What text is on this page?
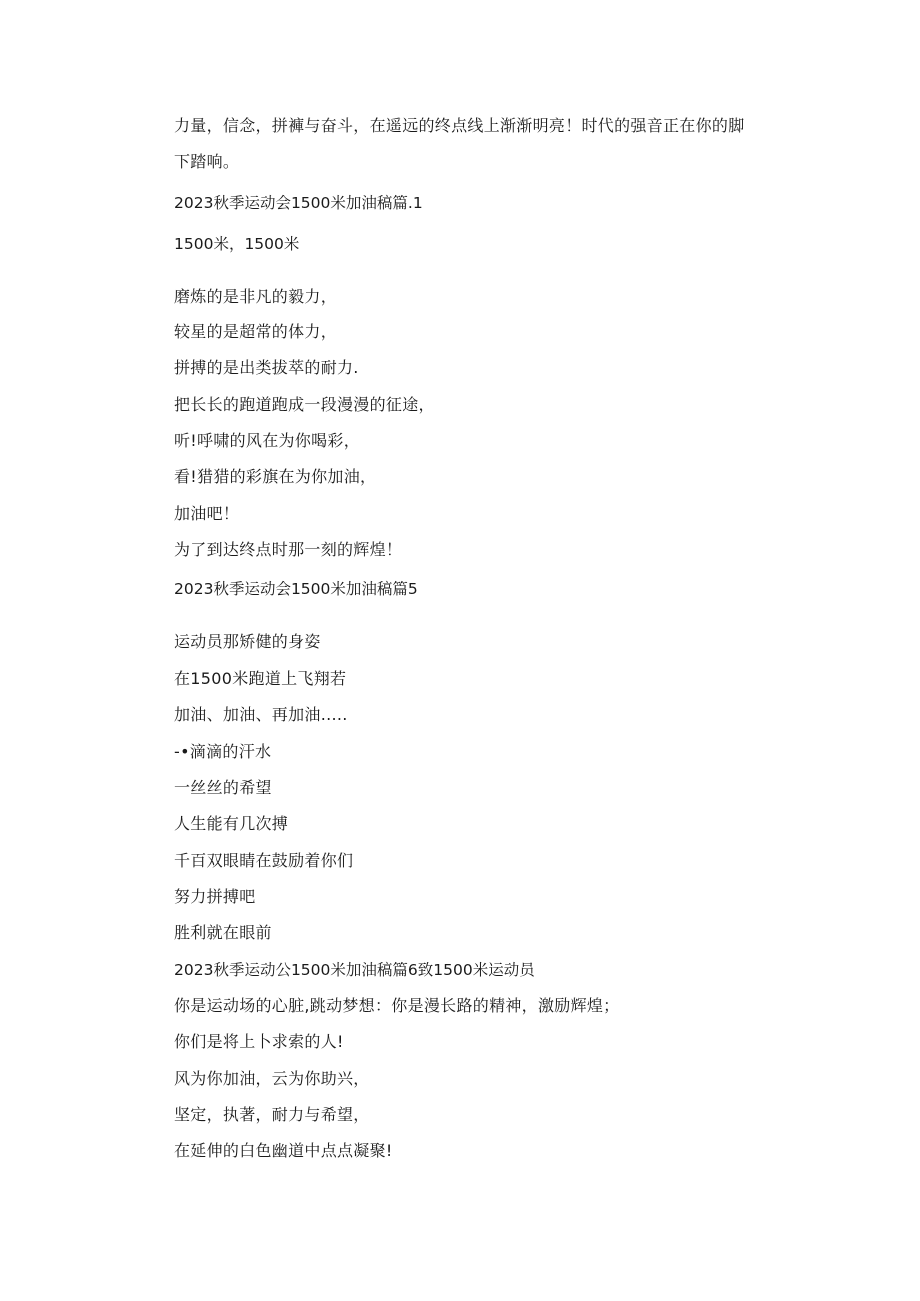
力量，信念，拼褲与奋斗，在遥远的终点线上渐渐明亮！时代的强音正在你的脚

下踏响。

2023秋季运动会1500米加油稿篇.1

1500米，1500米

磨炼的是非凡的毅力，

较星的是超常的体力，

拼搏的是出类拔萃的耐力.

把长长的跑道跑成一段漫漫的征途，

听!呼啸的风在为你喝彩，

看!猎猎的彩旗在为你加油，

加油吧！

为了到达终点时那一刻的辉煌！

2023秋季运动会1500米加油稿篇5

运动员那矫健的身姿

在1500米跑道上飞翔若

加油、加油、再加油.....

-•滴滴的汗水

一丝丝的希望

人生能有几次搏

千百双眼睛在鼓励着你们

努力拼搏吧

胜利就在眼前

2023秋季运动公1500米加油稿篇6致1500米运动员

你是运动场的心脏,跳动梦想：你是漫长路的精神，激励辉煌；

你们是将上卜求索的人!

风为你加油，云为你助兴，

坚定，执著，耐力与希望，

在延伸的白色幽道中点点凝聚!
